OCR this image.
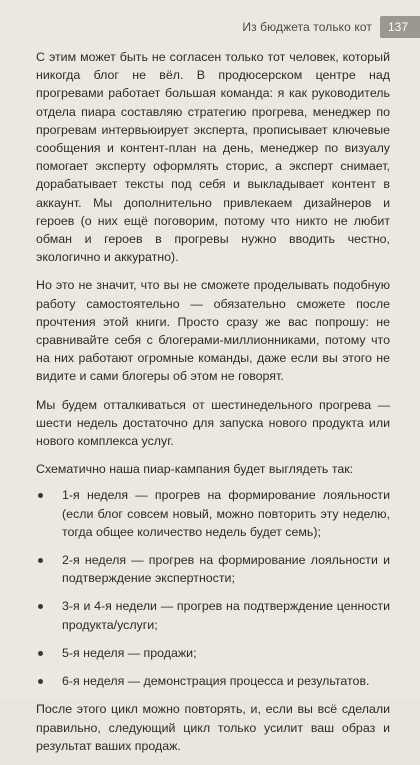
Из бюджета только кот	137

С этим может быть не согласен только тот человек, который никогда блог не вёл. В продюсерском центре над прогревами работает большая команда: я как руководитель отдела пиара составляю стратегию прогрева, менеджер по прогревам интервьюирует эксперта, прописывает ключевые сообщения и контент-план на день, менеджер по визуалу помогает эксперту оформлять сторис, а эксперт снимает, дорабатывает тексты под себя и выкладывает контент в аккаунт. Мы дополнительно привлекаем дизайнеров и героев (о них ещё поговорим, потому что никто не любит обман и героев в прогревы нужно вводить честно, экологично и аккуратно).

Но это не значит, что вы не сможете проделывать подобную работу самостоятельно — обязательно сможете после прочтения этой книги. Просто сразу же вас попрошу: не сравнивайте себя с блогерами-миллионниками, потому что на них работают огромные команды, даже если вы этого не видите и сами блогеры об этом не говорят.

Мы будем отталкиваться от шестинедельного прогрева — шести недель достаточно для запуска нового продукта или нового комплекса услуг.

Схематично наша пиар-кампания будет выглядеть так:

1-я неделя — прогрев на формирование лояльности (если блог совсем новый, можно повторить эту неделю, тогда общее количество недель будет семь);
2-я неделя — прогрев на формирование лояльности и подтверждение экспертности;
3-я и 4-я недели — прогрев на подтверждение ценности продукта/услуги;
5-я неделя — продажи;
6-я неделя — демонстрация процесса и результатов.

После этого цикл можно повторять, и, если вы всё сделали правильно, следующий цикл только усилит ваш образ и результат ваших продаж.
